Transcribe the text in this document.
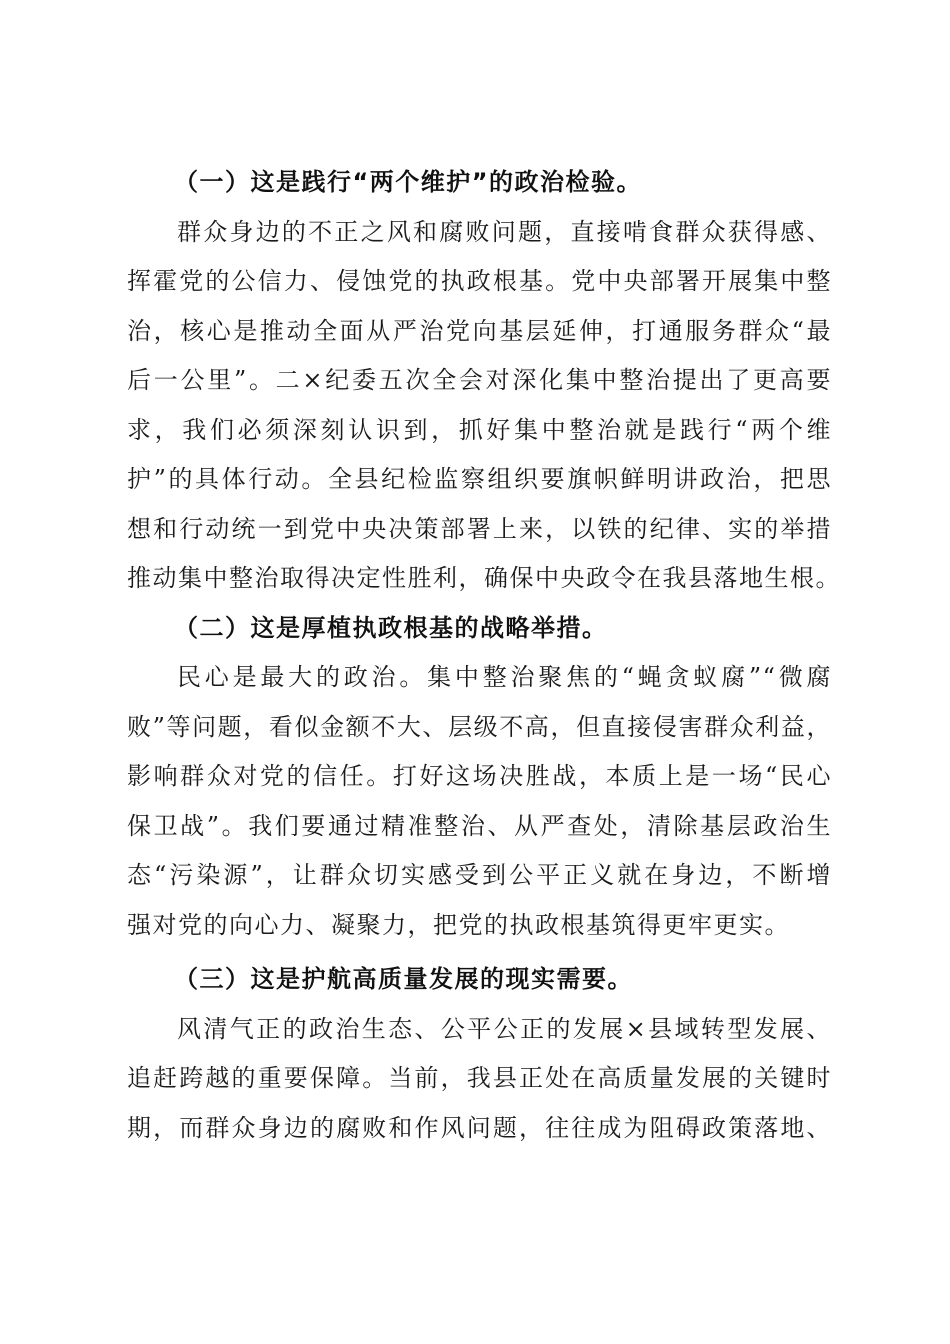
（一）这是践行“两个维护”的政治检验。

群众身边的不正之风和腐败问题，直接啃食群众获得感、
挥霍党的公信力、侵蚀党的执政根基。党中央部署开展集中整
治，核心是推动全面从严治党向基层延伸，打通服务群众“最
后一公里”。二×纪委五次全会对深化集中整治提出了更高要
求，我们必须深刻认识到，抓好集中整治就是践行“两个维
护”的具体行动。全县纪检监察组织要旗帜鲜明讲政治，把思
想和行动统一到党中央决策部署上来，以铁的纪律、实的举措
推动集中整治取得决定性胜利，确保中央政令在我县落地生根。

（二）这是厚植执政根基的战略举措。

民心是最大的政治。集中整治聚焦的“蝇贪蚁腐”“微腐
败”等问题，看似金额不大、层级不高，但直接侵害群众利益，
影响群众对党的信任。打好这场决胜战，本质上是一场“民心
保卫战”。我们要通过精准整治、从严查处，清除基层政治生
态“污染源”，让群众切实感受到公平正义就在身边，不断增
强对党的向心力、凝聚力，把党的执政根基筑得更牢更实。

（三）这是护航高质量发展的现实需要。

风清气正的政治生态、公平公正的发展×县域转型发展、
追赶跨越的重要保障。当前，我县正处在高质量发展的关键时
期，而群众身边的腐败和作风问题，往往成为阻碍政策落地、
